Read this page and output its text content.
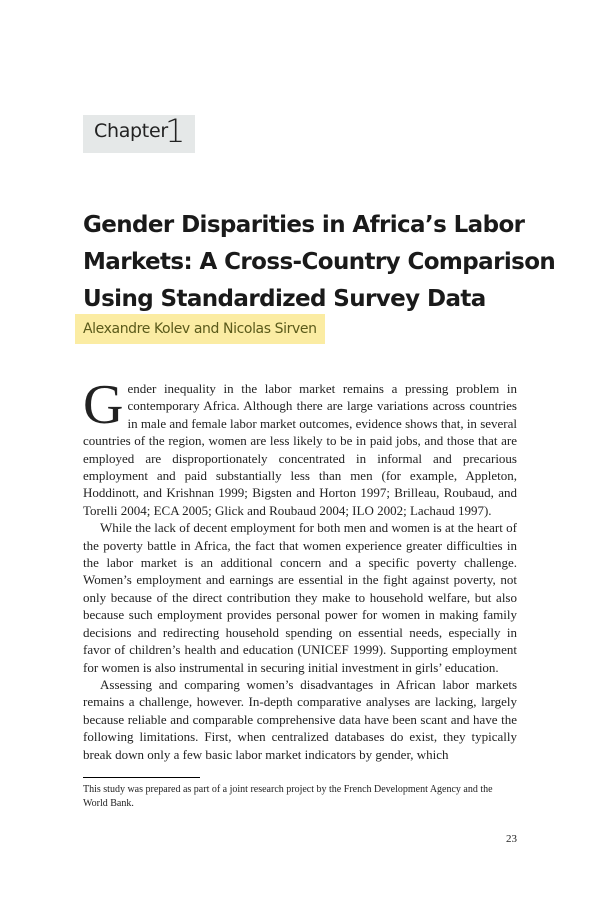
Chapter
1
Gender Disparities in Africa’s Labor
Markets: A Cross-Country Comparison
Using Standardized Survey Data
Alexandre Kolev and Nicolas Sirven

Gender inequality in the labor market remains a pressing problem in contemporary Africa. Although there are large variations across countries in male and female labor market outcomes, evidence shows that, in several countries of the region, women are less likely to be in paid jobs, and those that are employed are disproportionately concentrated in informal and precarious employment and paid substantially less than men (for example, Appleton, Hoddinott, and Krishnan 1999; Bigsten and Horton 1997; Brilleau, Roubaud, and Torelli 2004; ECA 2005; Glick and Roubaud 2004; ILO 2002; Lachaud 1997).

While the lack of decent employment for both men and women is at the heart of the poverty battle in Africa, the fact that women experience greater difficulties in the labor market is an additional concern and a specific poverty challenge. Women’s employment and earnings are essential in the fight against poverty, not only because of the direct contribution they make to household welfare, but also because such employment provides personal power for women in making family decisions and redirecting household spending on essential needs, especially in favor of children’s health and education (UNICEF 1999). Supporting employment for women is also instrumental in securing initial investment in girls’ education.

Assessing and comparing women’s disadvantages in African labor markets remains a challenge, however. In-depth comparative analyses are lacking, largely because reliable and comparable comprehensive data have been scant and have the following limitations. First, when centralized databases do exist, they typically break down only a few basic labor market indicators by gender, which

This study was prepared as part of a joint research project by the French Development Agency and the World Bank.
23
